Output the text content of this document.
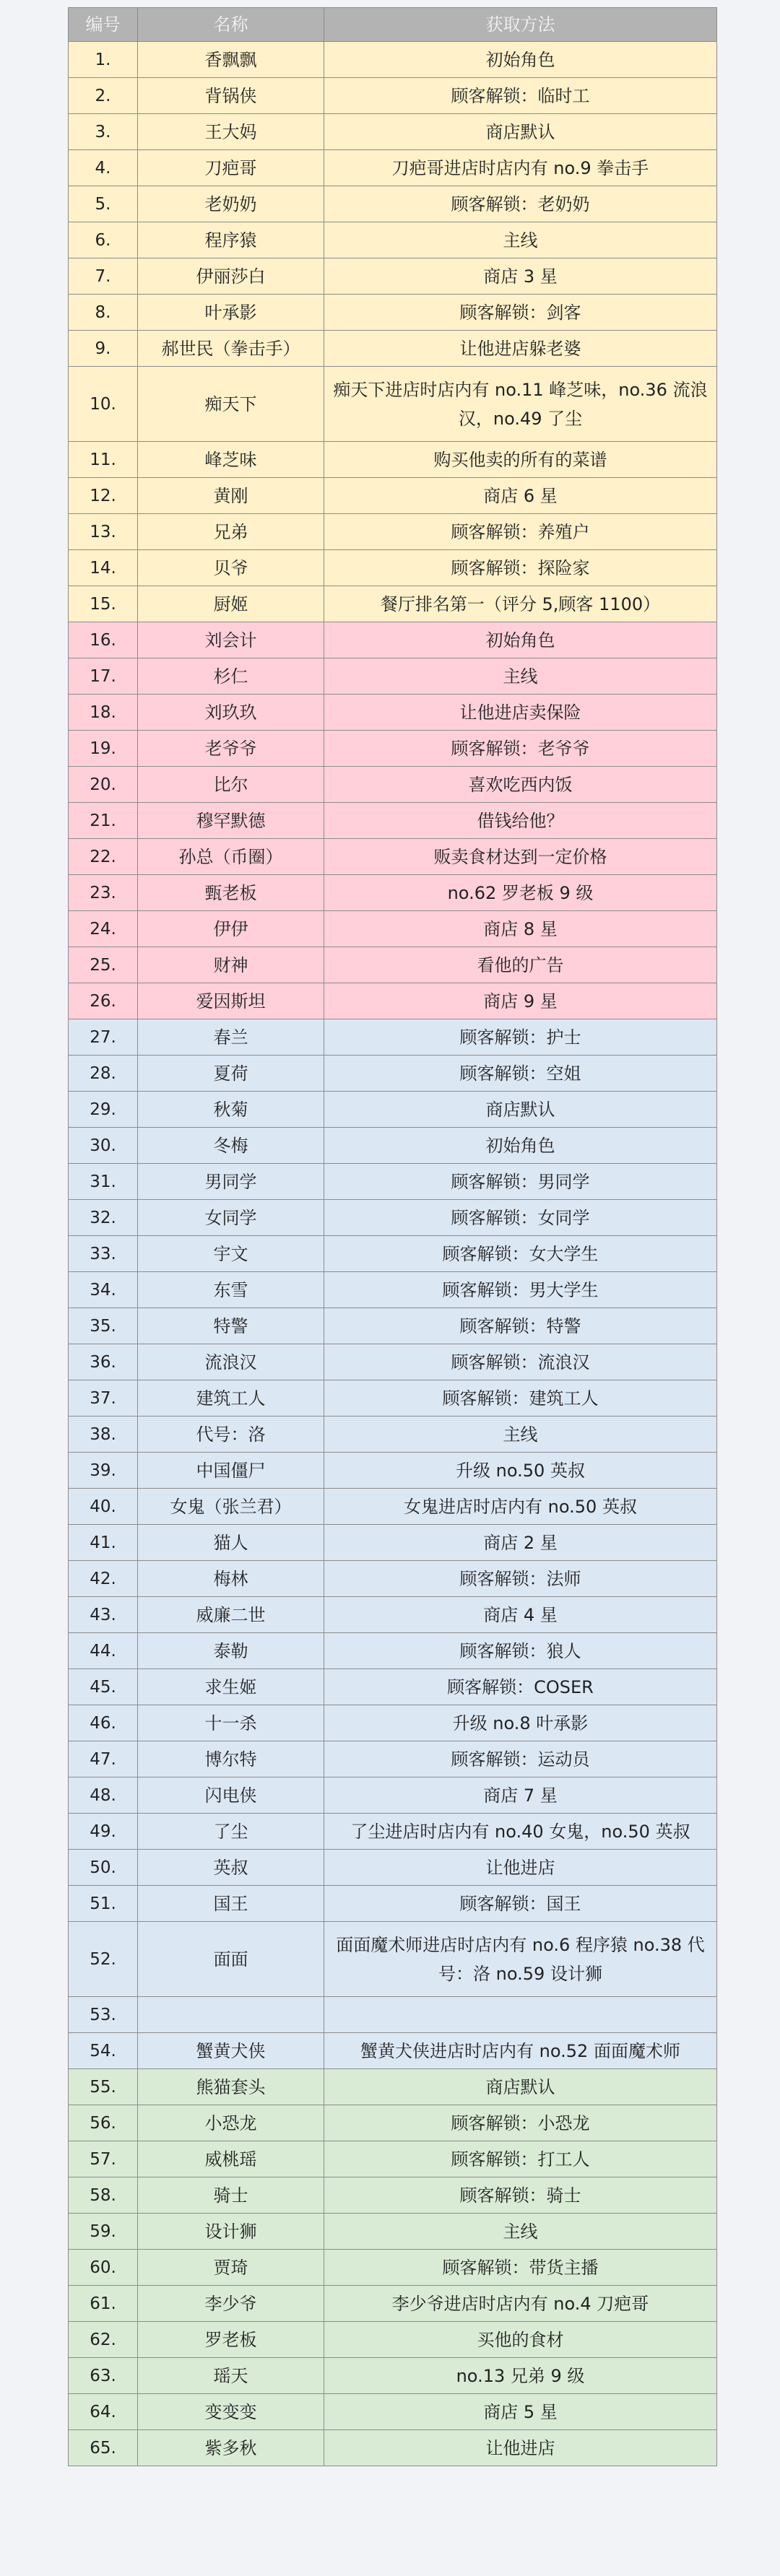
编号	名称	获取方法
1.	香飘飘	初始角色
2.	背锅侠	顾客解锁：临时工
3.	王大妈	商店默认
4.	刀疤哥	刀疤哥进店时店内有 no.9 拳击手
5.	老奶奶	顾客解锁：老奶奶
6.	程序猿	主线
7.	伊丽莎白	商店 3 星
8.	叶承影	顾客解锁：剑客
9.	郝世民（拳击手）	让他进店躲老婆
10.	痴天下	痴天下进店时店内有 no.11 峰芝味，no.36 流浪汉，no.49 了尘
11.	峰芝味	购买他卖的所有的菜谱
12.	黄刚	商店 6 星
13.	兄弟	顾客解锁：养殖户
14.	贝爷	顾客解锁：探险家
15.	厨姬	餐厅排名第一（评分 5,顾客 1100）
16.	刘会计	初始角色
17.	杉仁	主线
18.	刘玖玖	让他进店卖保险
19.	老爷爷	顾客解锁：老爷爷
20.	比尔	喜欢吃西内饭
21.	穆罕默德	借钱给他？
22.	孙总（币圈）	贩卖食材达到一定价格
23.	甄老板	no.62 罗老板 9 级
24.	伊伊	商店 8 星
25.	财神	看他的广告
26.	爱因斯坦	商店 9 星
27.	春兰	顾客解锁：护士
28.	夏荷	顾客解锁：空姐
29.	秋菊	商店默认
30.	冬梅	初始角色
31.	男同学	顾客解锁：男同学
32.	女同学	顾客解锁：女同学
33.	宇文	顾客解锁：女大学生
34.	东雪	顾客解锁：男大学生
35.	特警	顾客解锁：特警
36.	流浪汉	顾客解锁：流浪汉
37.	建筑工人	顾客解锁：建筑工人
38.	代号：洛	主线
39.	中国僵尸	升级 no.50 英叔
40.	女鬼（张兰君）	女鬼进店时店内有 no.50 英叔
41.	猫人	商店 2 星
42.	梅林	顾客解锁：法师
43.	威廉二世	商店 4 星
44.	泰勒	顾客解锁：狼人
45.	求生姬	顾客解锁：COSER
46.	十一杀	升级 no.8 叶承影
47.	博尔特	顾客解锁：运动员
48.	闪电侠	商店 7 星
49.	了尘	了尘进店时店内有 no.40 女鬼，no.50 英叔
50.	英叔	让他进店
51.	国王	顾客解锁：国王
52.	面面	面面魔术师进店时店内有 no.6 程序猿 no.38 代号：洛 no.59 设计狮
53.		
54.	蟹黄犬侠	蟹黄犬侠进店时店内有 no.52 面面魔术师
55.	熊猫套头	商店默认
56.	小恐龙	顾客解锁：小恐龙
57.	威桃瑶	顾客解锁：打工人
58.	骑士	顾客解锁：骑士
59.	设计狮	主线
60.	贾琦	顾客解锁：带货主播
61.	李少爷	李少爷进店时店内有 no.4 刀疤哥
62.	罗老板	买他的食材
63.	瑶天	no.13 兄弟 9 级
64.	变变变	商店 5 星
65.	紫多秋	让他进店
